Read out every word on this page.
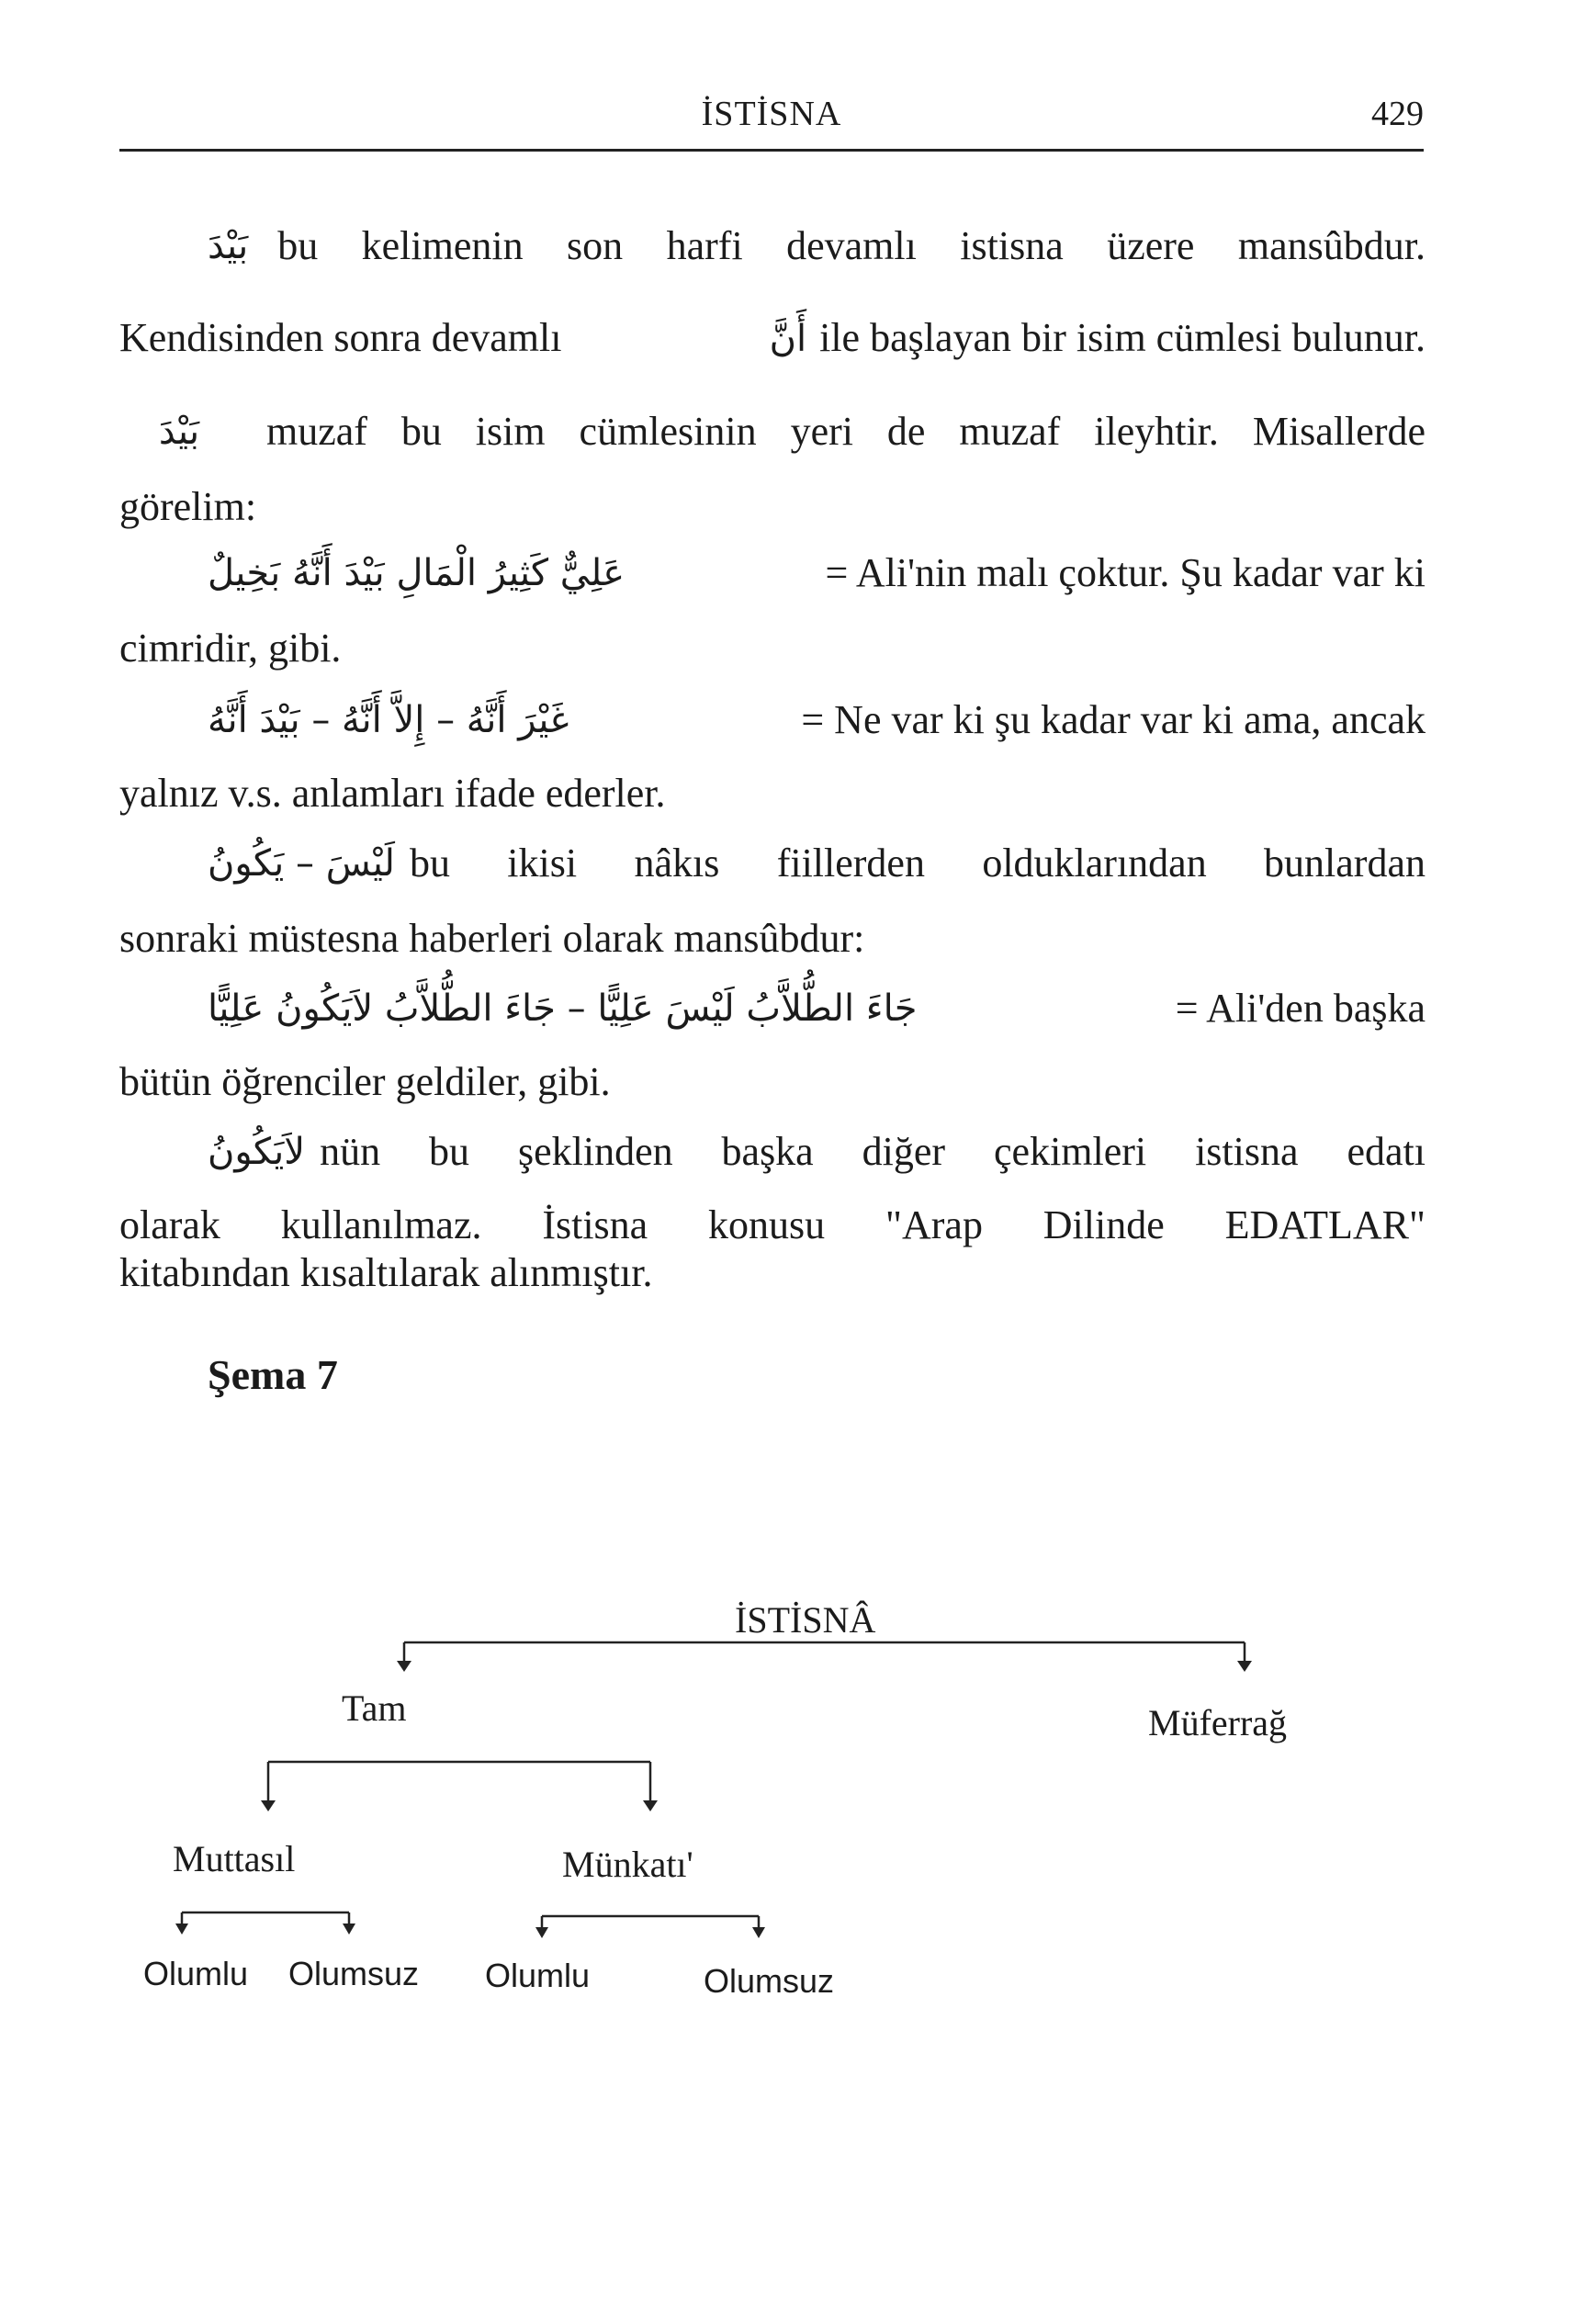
İSTİSNA	429
بَيْدَ bu kelimenin son harfi devamlı istisna üzere mansûbdur.
Kendisinden sonra devamlı	أَنَّ ile başlayan bir isim cümlesi bulunur.
بَيْدَ	muzaf bu isim cümlesinin yeri de muzaf ileyhtir. Misallerde
görelim:
عَلِيٌّ كَثِيرُ الْمَالِ بَيْدَ أَنَّهُ بَخِيلٌ	= Ali'nin malı çoktur. Şu kadar var ki
cimridir, gibi.
غَيْرَ أَنَّهُ – إِلاَّ أَنَّهُ – بَيْدَ أَنَّهُ	= Ne var ki şu kadar var ki ama, ancak
yalnız v.s. anlamları ifade ederler.
لَيْسَ – يَكُونُ bu ikisi nâkıs fiillerden olduklarından bunlardan
sonraki müstesna haberleri olarak mansûbdur:
جَاءَ الطُّلاَّبُ لَيْسَ عَلِيًّا – جَاءَ الطُّلاَّبُ لاَيَكُونُ عَلِيًّا	= Ali'den başka
bütün öğrenciler geldiler, gibi.
لاَيَكُونُ nün bu şeklinden başka diğer çekimleri istisna edatı
olarak kullanılmaz. İstisna konusu "Arap Dilinde EDATLAR"
kitabından kısaltılarak alınmıştır.
Şema 7
İSTİSNÂ
Tam	Müferrağ
Muttasıl	Münkatı'
Olumlu Olumsuz Olumlu	Olumsuz
